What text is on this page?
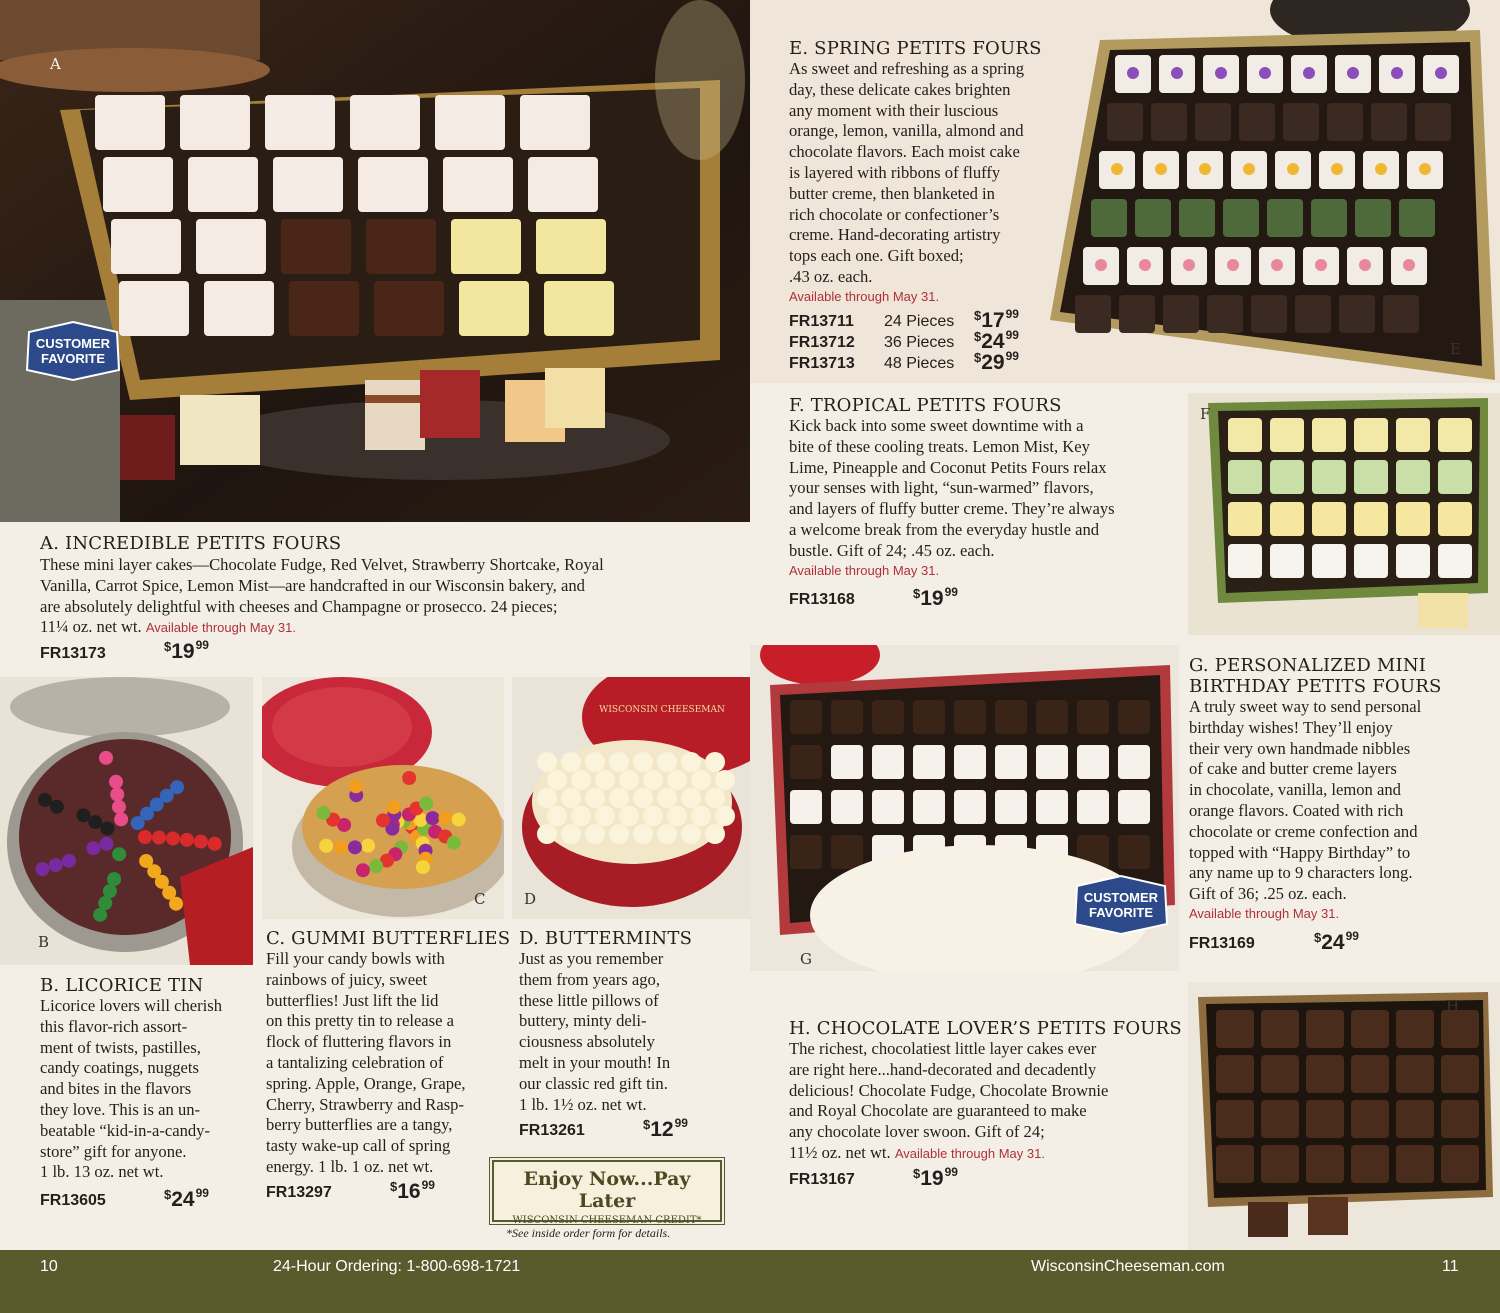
A
CUSTOMER
FAVORITE
A. INCREDIBLE PETITS FOURS
These mini layer cakes—Chocolate Fudge, Red Velvet, Strawberry Shortcake, Royal
Vanilla, Carrot Spice, Lemon Mist—are handcrafted in our Wisconsin bakery, and
are absolutely delightful with cheeses and Champagne or prosecco. 24 pieces;
11¼ oz. net wt. Available through May 31.
FR13173	$^{\$}19^{99}$
B
C
WISCONSIN CHEESEMAN
D
B. LICORICE TIN
Licorice lovers will cherish
this flavor-rich assort-
ment of twists, pastilles,
candy coatings, nuggets
and bites in the flavors
they love. This is an un-
beatable “kid-in-a-candy-
store” gift for anyone.
1 lb. 13 oz. net wt.
FR13605	$^{\$}24^{99}$
C. GUMMI BUTTERFLIES
Fill your candy bowls with
rainbows of juicy, sweet
butterflies! Just lift the lid
on this pretty tin to release a
flock of fluttering flavors in
a tantalizing celebration of
spring. Apple, Orange, Grape,
Cherry, Strawberry and Rasp-
berry butterflies are a tangy,
tasty wake-up call of spring
energy. 1 lb. 1 oz. net wt.
FR13297	$^{\$}16^{99}$
D. BUTTERMINTS
Just as you remember
them from years ago,
these little pillows of
buttery, minty deli-
ciousness absolutely
melt in your mouth! In
our classic red gift tin.
1 lb. 1½ oz. net wt.
FR13261	$^{\$}12^{99}$
Enjoy Now...Pay Later
WISCONSIN CHEESEMAN CREDIT*
*See inside order form for details.
E
E. SPRING PETITS FOURS
As sweet and refreshing as a spring
day, these delicate cakes brighten
any moment with their luscious
orange, lemon, vanilla, almond and
chocolate flavors. Each moist cake
is layered with ribbons of fluffy
butter creme, then blanketed in
rich chocolate or confectioner’s
creme. Hand-decorating artistry
tops each one. Gift boxed;
.43 oz. each.
Available through May 31.
FR13711 24 Pieces $^{\$}17^{99}$
FR13712 36 Pieces $^{\$}24^{99}$
FR13713 48 Pieces $^{\$}29^{99}$
F. TROPICAL PETITS FOURS
Kick back into some sweet downtime with a
bite of these cooling treats. Lemon Mist, Key
Lime, Pineapple and Coconut Petits Fours relax
your senses with light, “sun-warmed” flavors,
and layers of fluffy butter creme. They’re always
a welcome break from the everyday hustle and
bustle. Gift of 24; .45 oz. each.
Available through May 31.
FR13168	$^{\$}19^{99}$
F
G
CUSTOMER
FAVORITE
G. PERSONALIZED MINI
BIRTHDAY PETITS FOURS
A truly sweet way to send personal
birthday wishes! They’ll enjoy
their very own handmade nibbles
of cake and butter creme layers
in chocolate, vanilla, lemon and
orange flavors. Coated with rich
chocolate or creme confection and
topped with “Happy Birthday” to
any name up to 9 characters long.
Gift of 36; .25 oz. each.
Available through May 31.
FR13169	$^{\$}24^{99}$
H. CHOCOLATE LOVER’S PETITS FOURS
The richest, chocolatiest little layer cakes ever
are right here...hand-decorated and decadently
delicious! Chocolate Fudge, Chocolate Brownie
and Royal Chocolate are guaranteed to make
any chocolate lover swoon. Gift of 24;
11½ oz. net wt. Available through May 31.
FR13167	$^{\$}19^{99}$
H
10	24-Hour Ordering: 1-800-698-1721	WisconsinCheeseman.com	11
